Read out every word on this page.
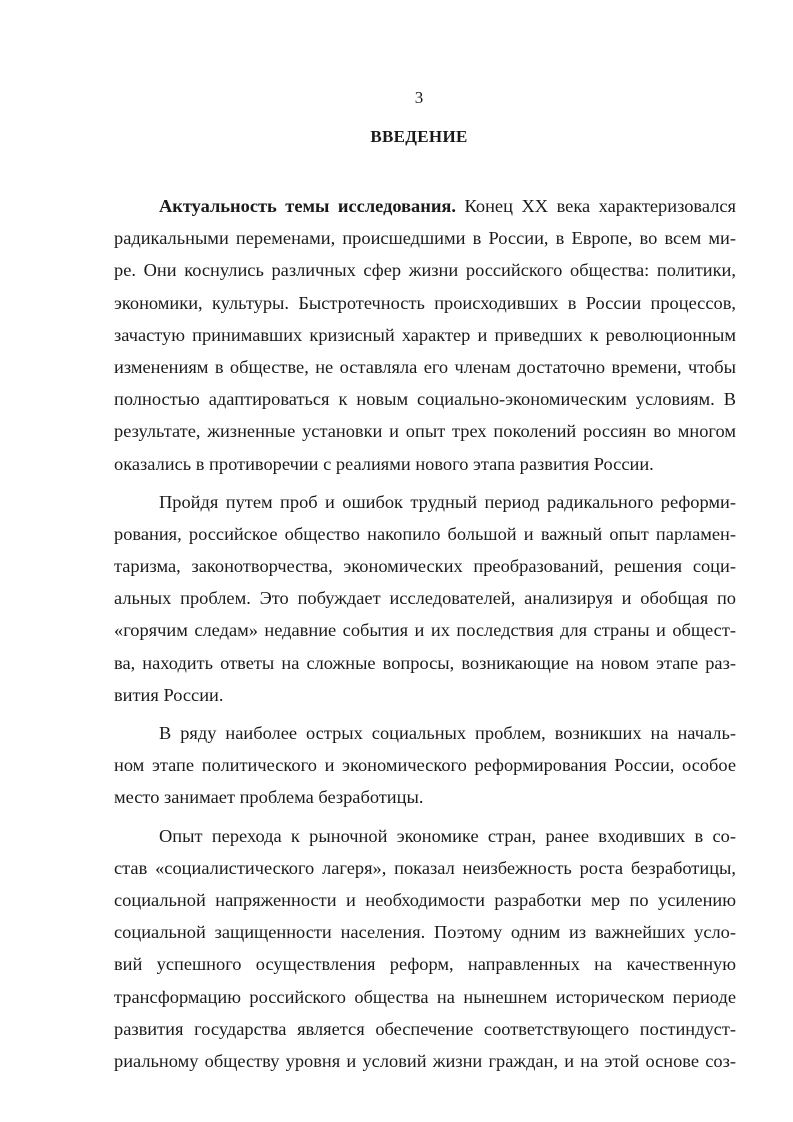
3
ВВЕДЕНИЕ
Актуальность темы исследования. Конец XX века характеризовался
радикальными переменами, происшедшими в России, в Европе, во всем ми-
ре. Они коснулись различных сфер жизни российского общества: политики,
экономики, культуры. Быстротечность происходивших в России процессов,
зачастую принимавших кризисный характер и приведших к революционным
изменениям в обществе, не оставляла его членам достаточно времени, чтобы
полностью адаптироваться к новым социально-экономическим условиям. В
результате, жизненные установки и опыт трех поколений россиян во многом
оказались в противоречии с реалиями нового этапа развития России.
Пройдя путем проб и ошибок трудный период радикального реформи-
рования, российское общество накопило большой и важный опыт парламен-
таризма, законотворчества, экономических преобразований, решения соци-
альных проблем. Это побуждает исследователей, анализируя и обобщая по
«горячим следам» недавние события и их последствия для страны и общест-
ва, находить ответы на сложные вопросы, возникающие на новом этапе раз-
вития России.
В ряду наиболее острых социальных проблем, возникших на началь-
ном этапе политического и экономического реформирования России, особое
место занимает проблема безработицы.
Опыт перехода к рыночной экономике стран, ранее входивших в со-
став «социалистического лагеря», показал неизбежность роста безработицы,
социальной напряженности и необходимости разработки мер по усилению
социальной защищенности населения. Поэтому одним из важнейших усло-
вий успешного осуществления реформ, направленных на качественную
трансформацию российского общества на нынешнем историческом периоде
развития государства является обеспечение соответствующего постиндуст-
риальному обществу уровня и условий жизни граждан, и на этой основе соз-
